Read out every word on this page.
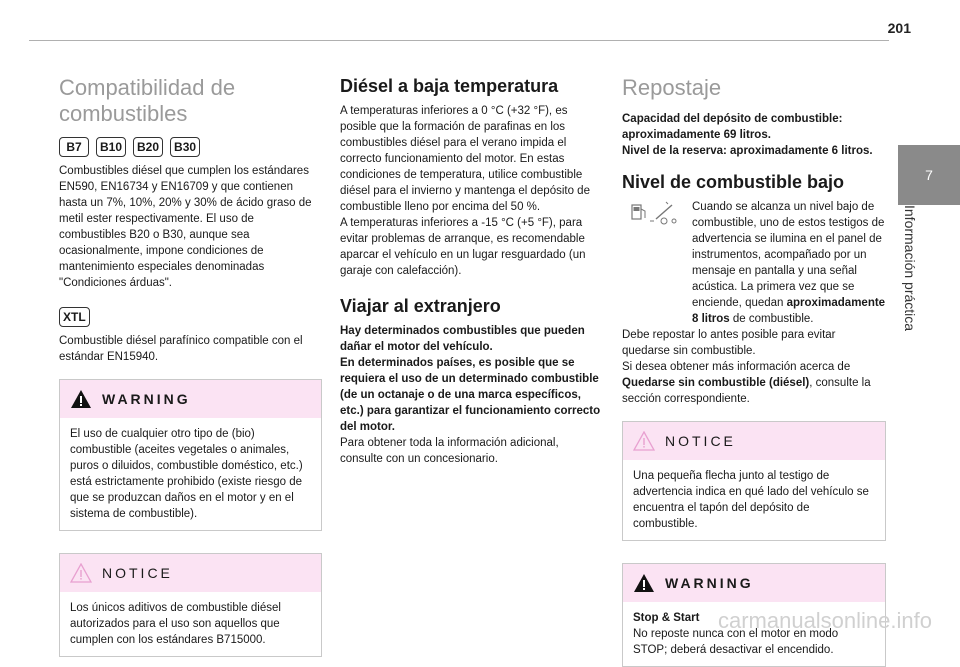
201
7
Información práctica
Compatibilidad de combustibles
B7	B10	B20	B30

Combustibles diésel que cumplen los estándares EN590, EN16734 y EN16709 y que contienen hasta un 7%, 10%, 20% y 30% de ácido graso de metil ester respectivamente. El uso de combustibles B20 o B30, aunque sea ocasionalmente, impone condiciones de mantenimiento especiales denominadas "Condiciones árduas".

XTL

Combustible diésel parafínico compatible con el estándar EN15940.

WARNING

El uso de cualquier otro tipo de (bio) combustible (aceites vegetales o animales, puros o diluidos, combustible doméstico, etc.) está estrictamente prohibido (existe riesgo de que se produzcan daños en el motor y en el sistema de combustible).

NOTICE

Los únicos aditivos de combustible diésel autorizados para el uso son aquellos que cumplen con los estándares B715000.

Diésel a baja temperatura

A temperaturas inferiores a 0 °C (+32 °F), es posible que la formación de parafinas en los combustibles diésel para el verano impida el correcto funcionamiento del motor. En estas condiciones de temperatura, utilice combustible diésel para el invierno y mantenga el depósito de combustible lleno por encima del 50 %.

A temperaturas inferiores a -15 °C (+5 °F), para evitar problemas de arranque, es recomendable aparcar el vehículo en un lugar resguardado (un garaje con calefacción).

Viajar al extranjero

Hay determinados combustibles que pueden dañar el motor del vehículo.

En determinados países, es posible que se requiera el uso de un determinado combustible (de un octanaje o de una marca específicos, etc.) para garantizar el funcionamiento correcto del motor.

Para obtener toda la información adicional, consulte con un concesionario.

Repostaje

Capacidad del depósito de combustible: aproximadamente 69 litros.

Nivel de la reserva: aproximadamente 6 litros.

Nivel de combustible bajo

Cuando se alcanza un nivel bajo de combustible, uno de estos testigos de advertencia se ilumina en el panel de instrumentos, acompañado por un mensaje en pantalla y una señal acústica. La primera vez que se enciende, quedan aproximadamente 8 litros de combustible.

Debe repostar lo antes posible para evitar quedarse sin combustible.

Si desea obtener más información acerca de Quedarse sin combustible (diésel), consulte la sección correspondiente.

NOTICE

Una pequeña flecha junto al testigo de advertencia indica en qué lado del vehículo se encuentra el tapón del depósito de combustible.

WARNING

Stop & Start

No reposte nunca con el motor en modo STOP; deberá desactivar el encendido.

carmanualsonline.info
